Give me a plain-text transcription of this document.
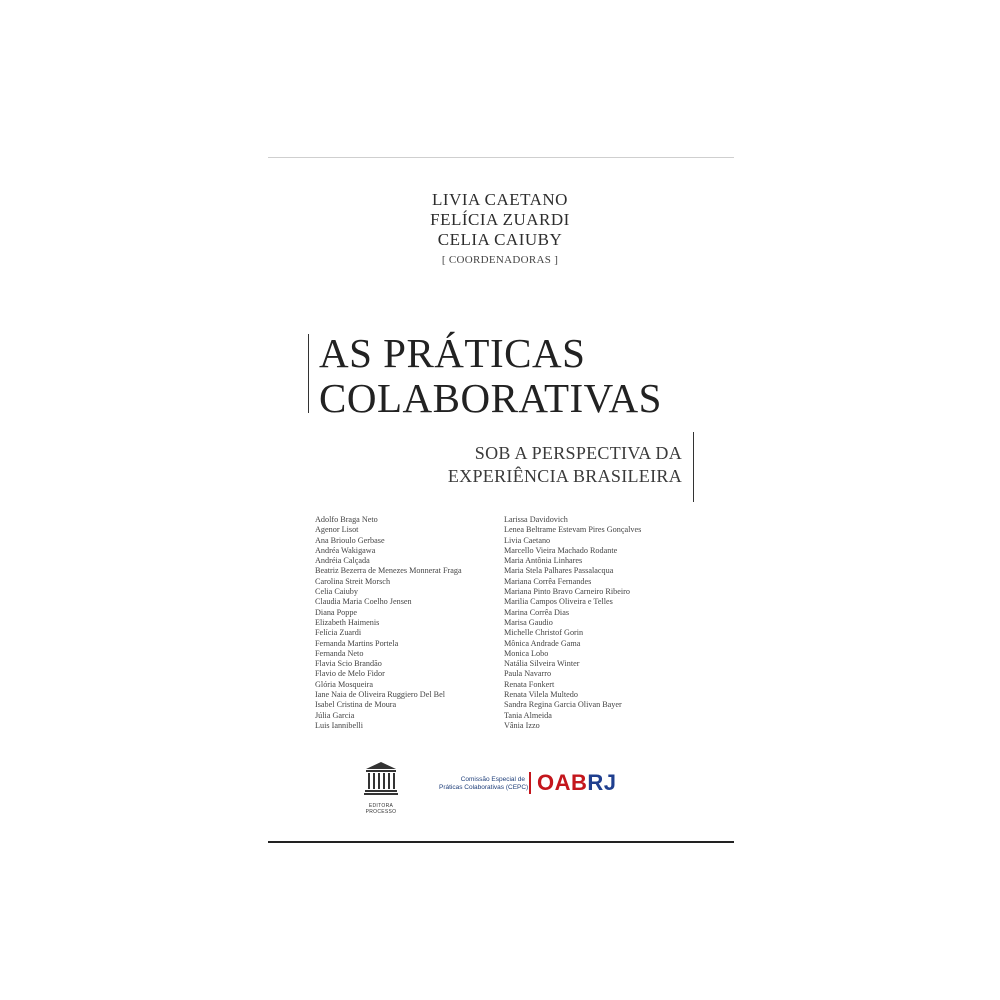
LIVIA CAETANO
FELÍCIA ZUARDI
CELIA CAIUBY
[ COORDENADORAS ]
AS PRÁTICAS
COLABORATIVAS
SOB A PERSPECTIVA DA
EXPERIÊNCIA BRASILEIRA
Adolfo Braga Neto
Agenor Lisot
Ana Brioulo Gerbase
Andréa Wakigawa
Andréia Calçada
Beatriz Bezerra de Menezes Monnerat Fraga
Carolina Streit Morsch
Celia Caiuby
Claudia Maria Coelho Jensen
Diana Poppe
Elizabeth Haimenis
Felícia Zuardi
Fernanda Martins Portela
Fernanda Neto
Flavia Scio Brandão
Flavio de Melo Fidor
Glória Mosqueira
Iane Naia de Oliveira Ruggiero Del Bel
Isabel Cristina de Moura
Júlia Garcia
Luis Iannibelli
Larissa Davidovich
Lenea Beltrame Estevam Pires Gonçalves
Livia Caetano
Marcello Vieira Machado Rodante
Maria Antônia Linhares
Maria Stela Palhares Passalacqua
Mariana Corrêa Fernandes
Mariana Pinto Bravo Carneiro Ribeiro
Marilia Campos Oliveira e Telles
Marina Corrêa Dias
Marisa Gaudio
Michelle Christof Gorin
Mônica Andrade Gama
Monica Lobo
Natália Silveira Winter
Paula Navarro
Renata Fonkert
Renata Vilela Multedo
Sandra Regina Garcia Olivan Bayer
Tania Almeida
Vânia Izzo
EDITORA
PROCESSO
Comissão Especial de
Práticas Colaborativas (CEPC) OABRJ
